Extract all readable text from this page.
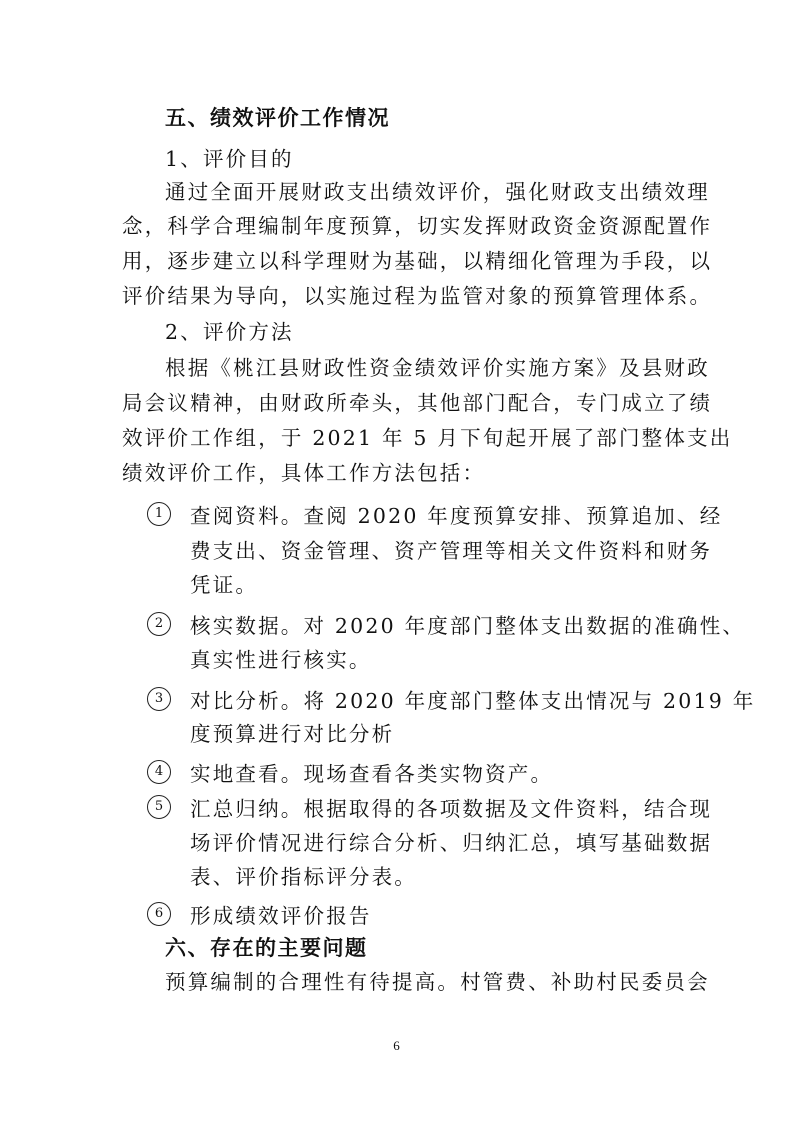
五、绩效评价工作情况
1、评价目的
通过全面开展财政支出绩效评价，强化财政支出绩效理
念，科学合理编制年度预算，切实发挥财政资金资源配置作
用，逐步建立以科学理财为基础，以精细化管理为手段，以
评价结果为导向，以实施过程为监管对象的预算管理体系。
2、评价方法
根据《桃江县财政性资金绩效评价实施方案》及县财政
局会议精神，由财政所牵头，其他部门配合，专门成立了绩
效评价工作组，于 2021 年 5 月下旬起开展了部门整体支出
绩效评价工作，具体工作方法包括：
1	查阅资料。查阅 2020 年度预算安排、预算追加、经
费支出、资金管理、资产管理等相关文件资料和财务
凭证。
2	核实数据。对 2020 年度部门整体支出数据的准确性、
真实性进行核实。
3	对比分析。将 2020 年度部门整体支出情况与 2019 年
度预算进行对比分析
4	实地查看。现场查看各类实物资产。
5	汇总归纳。根据取得的各项数据及文件资料，结合现
场评价情况进行综合分析、归纳汇总，填写基础数据
表、评价指标评分表。
6	形成绩效评价报告
六、存在的主要问题
预算编制的合理性有待提高。村管费、补助村民委员会
6
